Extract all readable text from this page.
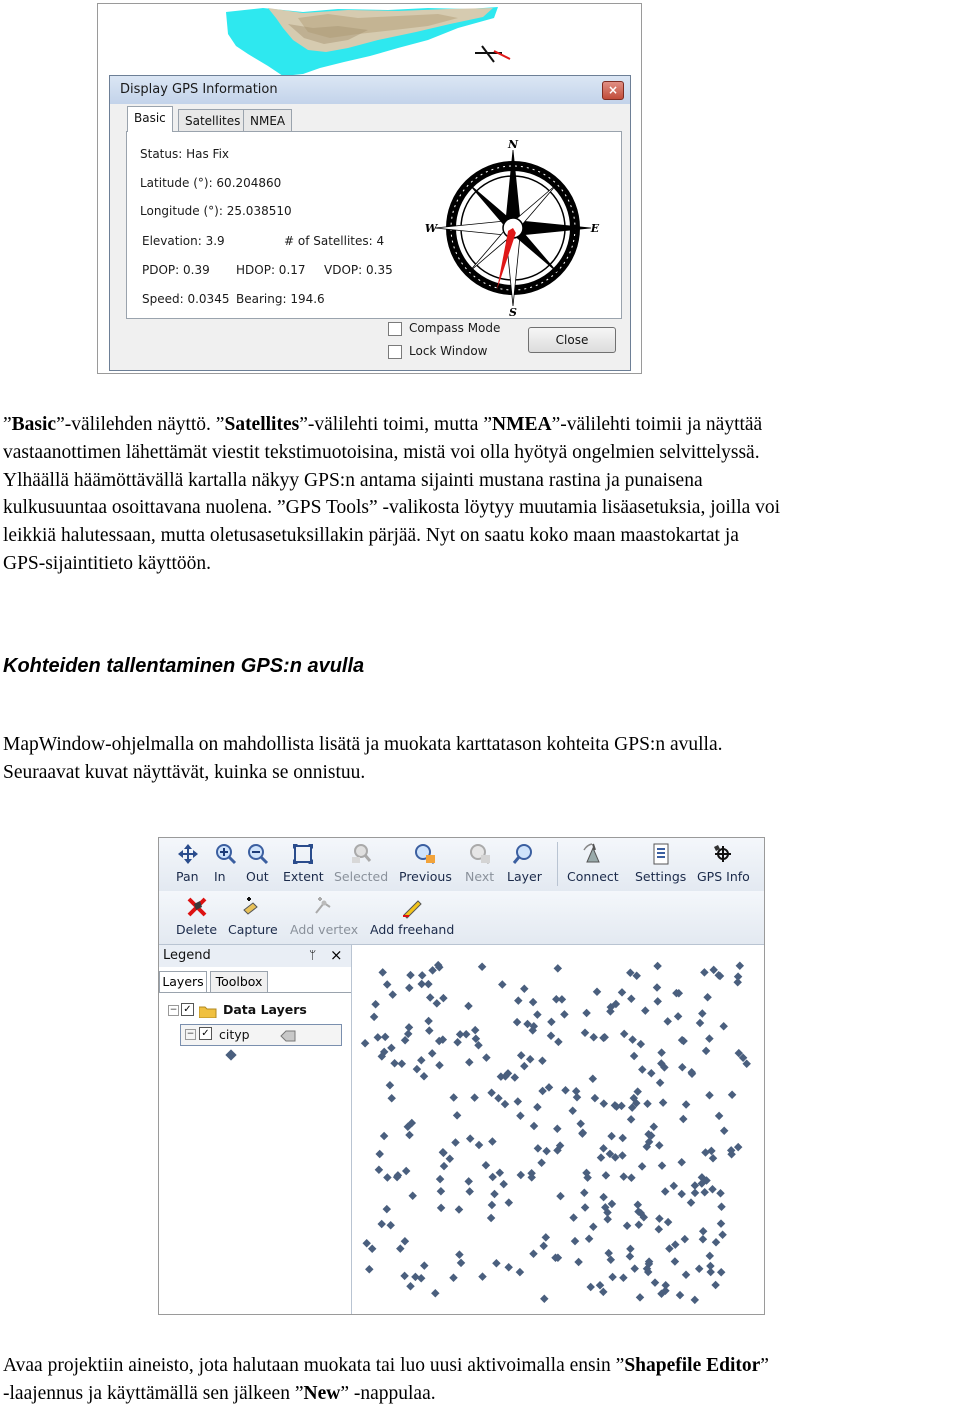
Display GPS Information	×
Basic	Satellites NMEA
Status: Has Fix
Latitude (°): 60.204860
Longitude (°): 25.038510
Elevation: 3.9	# of Satellites: 4
PDOP: 0.39 HDOP: 0.17 VDOP: 0.35
Speed: 0.0345 Bearing: 194.6
N
E
S
W
Compass Mode
Lock Window
Close
”Basic”-välilehden näyttö. ”Satellites”-välilehti toimi, mutta ”NMEA”-välilehti toimii ja näyttää
vastaanottimen lähettämät viestit tekstimuotoisina, mistä voi olla hyötyä ongelmien selvittelyssä.
Ylhäällä häämöttävällä kartalla näkyy GPS:n antama sijainti mustana rastina ja punaisena
kulkusuuntaa osoittavana nuolena. ”GPS Tools” -valikosta löytyy muutamia lisäasetuksia, joilla voi
leikkiä halutessaan, mutta oletusasetuksillakin pärjää. Nyt on saatu koko maan maastokartat ja
GPS-sijaintitieto käyttöön.
Kohteiden tallentaminen GPS:n avulla
MapWindow-ohjelmalla on mahdollista lisätä ja muokata karttatason kohteita GPS:n avulla.
Seuraavat kuvat näyttävät, kuinka se onnistuu.
Pan In Out Extent Selected Previous Next Layer Connect Settings GPS Info
Delete Capture Add vertex Add freehand
Legend	ᛘ ×
Layers Toolbox
− ✓	Data Layers
− ✓ cityp
Avaa projektiin aineisto, jota halutaan muokata tai luo uusi aktivoimalla ensin ”Shapefile Editor”
-laajennus ja käyttämällä sen jälkeen ”New” -nappulaa.
